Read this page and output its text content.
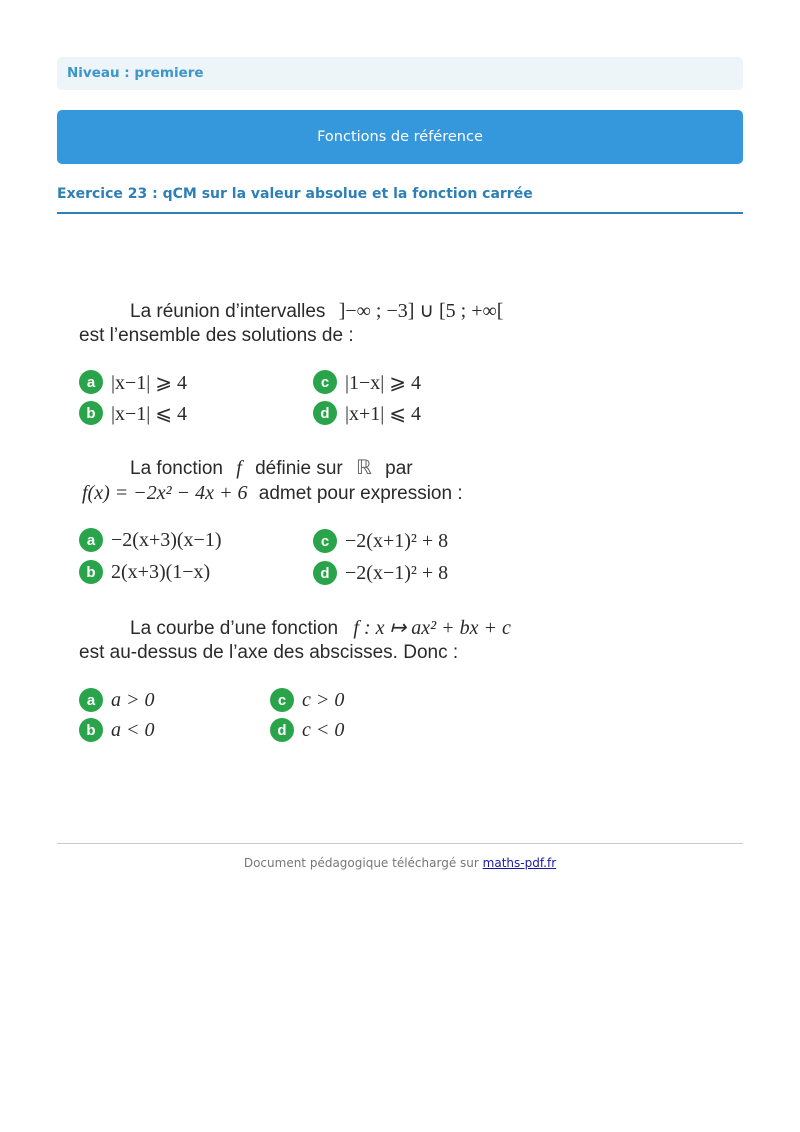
Niveau : premiere
Fonctions de référence
Exercice 23 : qCM sur la valeur absolue et la fonction carrée
La réunion d’intervalles ]−∞ ; −3] ∪ [5 ; +∞[
est l’ensemble des solutions de :
a |x−1| ⩾ 4
b |x−1| ⩽ 4
c |1−x| ⩾ 4
d |x+1| ⩽ 4
La fonction f définie sur ℝ par
f(x) = −2x² − 4x + 6 admet pour expression :
a −2(x+3)(x−1)
b 2(x+3)(1−x)
c −2(x+1)² + 8
d −2(x−1)² + 8
La courbe d’une fonction f : x ↦ ax² + bx + c
est au-dessus de l’axe des abscisses. Donc :
a a > 0
b a < 0
c c > 0
d c < 0
Document pédagogique téléchargé sur maths-pdf.fr
